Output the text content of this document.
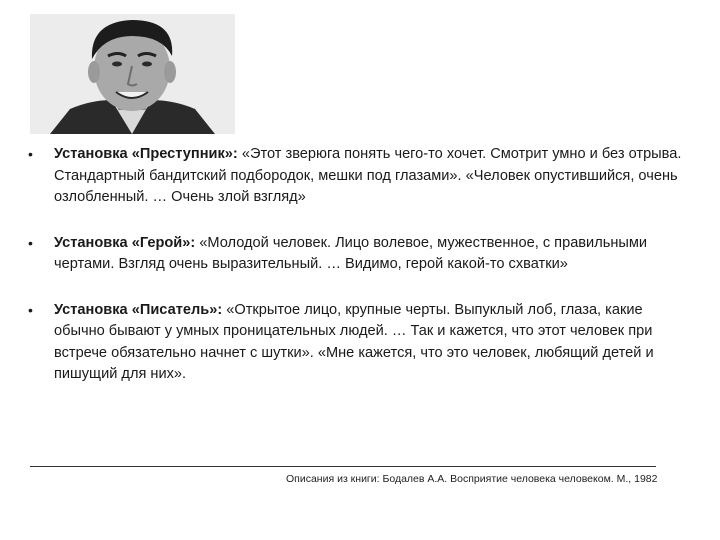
• Установка «Преступник»: «Этот зверюга понять чего-то хочет. Смотрит умно и без отрыва. Стандартный бандитский подбородок, мешки под глазами». «Человек опустившийся, очень озлобленный. … Очень злой взгляд»
• Установка «Герой»: «Молодой человек. Лицо волевое, мужественное, с правильными чертами. Взгляд очень выразительный. … Видимо, герой какой-то схватки»
• Установка «Писатель»: «Открытое лицо, крупные черты. Выпуклый лоб, глаза, какие обычно бывают у умных проницательных людей. … Так и кажется, что этот человек при встрече обязательно начнет с шутки». «Мне кажется, что это человек, любящий детей и пишущий для них».
Описания из книги: Бодалев А.А. Восприятие человека человеком. М., 1982
